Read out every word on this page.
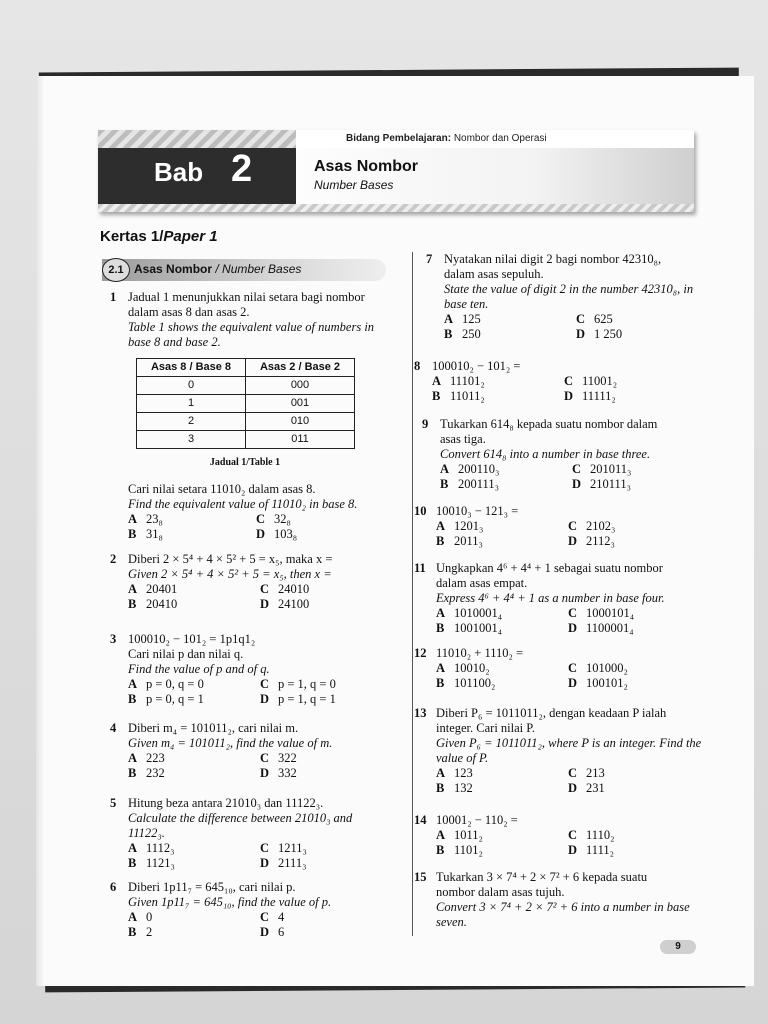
Bab 2
Bidang Pembelajaran: Nombor dan Operasi
Asas Nombor
Number Bases
Kertas 1/Paper 1
2.1 Asas Nombor / Number Bases
1 Jadual 1 menunjukkan nilai setara bagi nombor
dalam asas 8 dan asas 2.
Table 1 shows the equivalent value of numbers in
base 8 and base 2.
Asas 8 / Base 8	Asas 2 / Base 2
0	000
1	001
2	010
3	011
Jadual 1/Table 1
Cari nilai setara 11010₂ dalam asas 8.
Find the equivalent value of 11010₂ in base 8.
A 23₈	C 32₈
B 31₈	D 103₈
2 Diberi 2 × 5⁴ + 4 × 5² + 5 = x₅, maka x =
Given 2 × 5⁴ + 4 × 5² + 5 = x₅, then x =
A 20401	C 24010
B 20410	D 24100
3 100010₂ − 101₂ = 1p1q1₂
Cari nilai p dan nilai q.
Find the value of p and of q.
A p = 0, q = 0	C p = 1, q = 0
B p = 0, q = 1	D p = 1, q = 1
4 Diberi m₄ = 101011₂, cari nilai m.
Given m₄ = 101011₂, find the value of m.
A 223	C 322
B 232	D 332
5 Hitung beza antara 21010₃ dan 11122₃.
Calculate the difference between 21010₃ and
11122₃.
A 1112₃	C 1211₃
B 1121₃	D 2111₃
6 Diberi 1p11₇ = 645₁₀, cari nilai p.
Given 1p11₇ = 645₁₀, find the value of p.
A 0	C 4
B 2	D 6
7 Nyatakan nilai digit 2 bagi nombor 42310₈,
dalam asas sepuluh.
State the value of digit 2 in the number 42310₈, in
base ten.
A 125	C 625
B 250	D 1 250
8 100010₂ − 101₂ =
A 11101₂	C 11001₂
B 11011₂	D 11111₂
9 Tukarkan 614₈ kepada suatu nombor dalam
asas tiga.
Convert 614₈ into a number in base three.
A 200110₃	C 201011₃
B 200111₃	D 210111₃
10 10010₃ − 121₃ =
A 1201₃	C 2102₃
B 2011₃	D 2112₃
11 Ungkapkan 4⁶ + 4⁴ + 1 sebagai suatu nombor
dalam asas empat.
Express 4⁶ + 4⁴ + 1 as a number in base four.
A 1010001₄	C 1000101₄
B 1001001₄	D 1100001₄
12 11010₂ + 1110₂ =
A 10010₂	C 101000₂
B 101100₂	D 100101₂
13 Diberi P₆ = 1011011₂, dengan keadaan P ialah
integer. Cari nilai P.
Given P₆ = 1011011₂, where P is an integer. Find the
value of P.
A 123	C 213
B 132	D 231
14 10001₂ − 110₂ =
A 1011₂	C 1110₂
B 1101₂	D 1111₂
15 Tukarkan 3 × 7⁴ + 2 × 7² + 6 kepada suatu
nombor dalam asas tujuh.
Convert 3 × 7⁴ + 2 × 7² + 6 into a number in base
seven.
9
